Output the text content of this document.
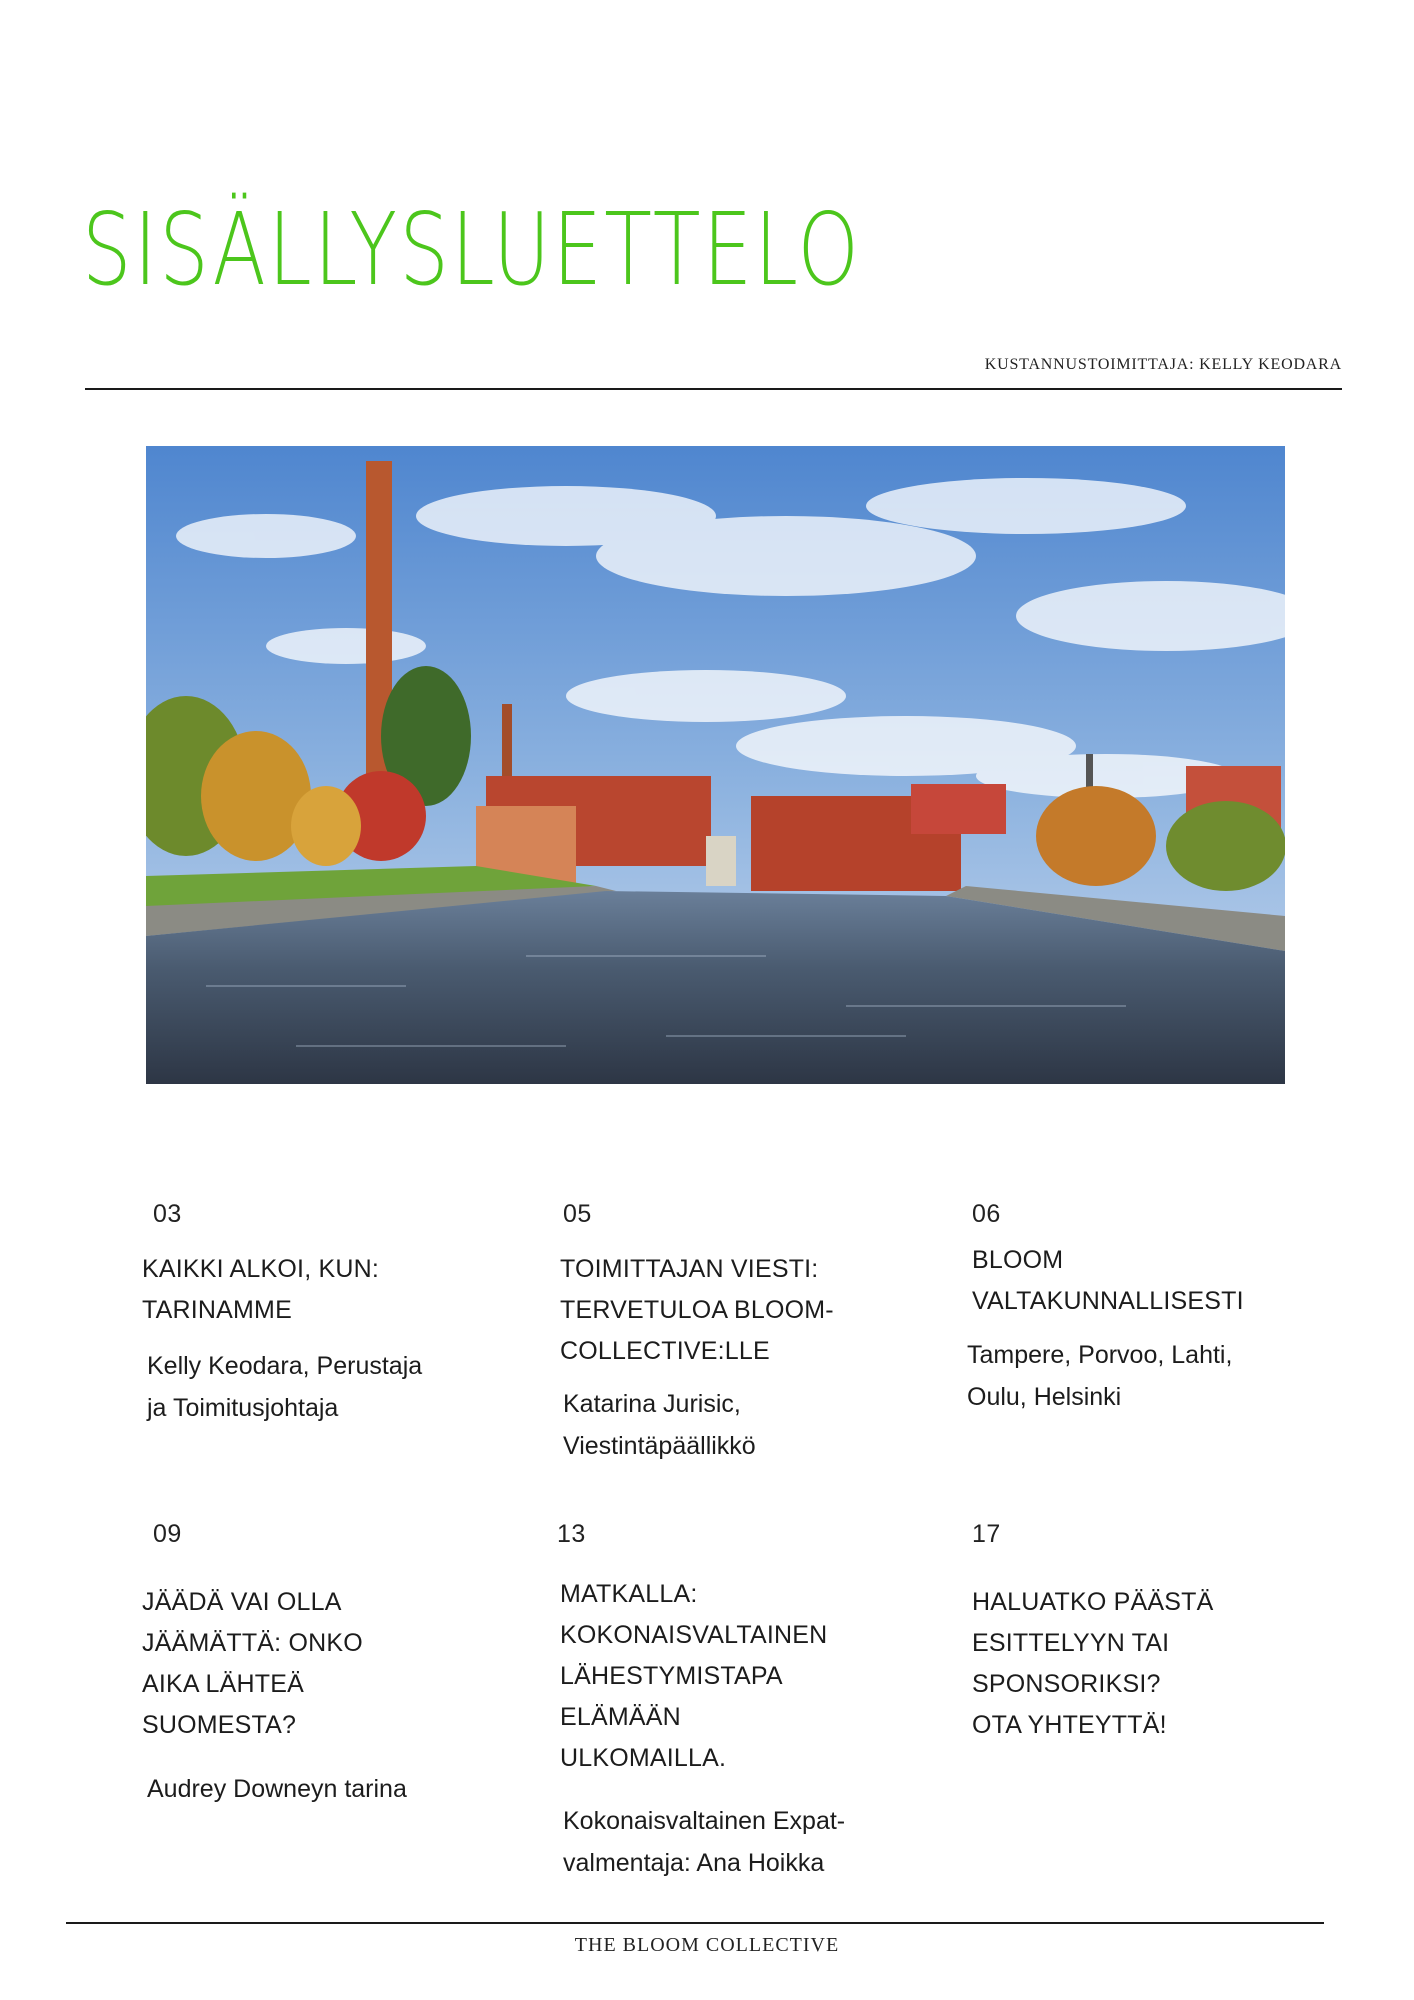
SISÄLLYSLUETTELO
KUSTANNUSTOIMITTAJA: KELLY KEODARA
03
KAIKKI ALKOI, KUN:
TARINAMME
Kelly Keodara, Perustaja
ja Toimitusjohtaja
05
TOIMITTAJAN VIESTI:
TERVETULOA BLOOM-
COLLECTIVE:LLE
Katarina Jurisic,
Viestintäpäällikkö
06
BLOOM
VALTAKUNNALLISESTI
Tampere, Porvoo, Lahti,
Oulu, Helsinki
09
JÄÄDÄ VAI OLLA
JÄÄMÄTTÄ: ONKO
AIKA LÄHTEÄ
SUOMESTA?
Audrey Downeyn tarina
13
MATKALLA:
KOKONAISVALTAINEN
LÄHESTYMISTAPA
ELÄMÄÄN
ULKOMAILLA.
Kokonaisvaltainen Expat-
valmentaja: Ana Hoikka
17
HALUATKO PÄÄSTÄ
ESITTELYYN TAI
SPONSORIKSI?
OTA YHTEYTTÄ!
THE BLOOM COLLECTIVE
